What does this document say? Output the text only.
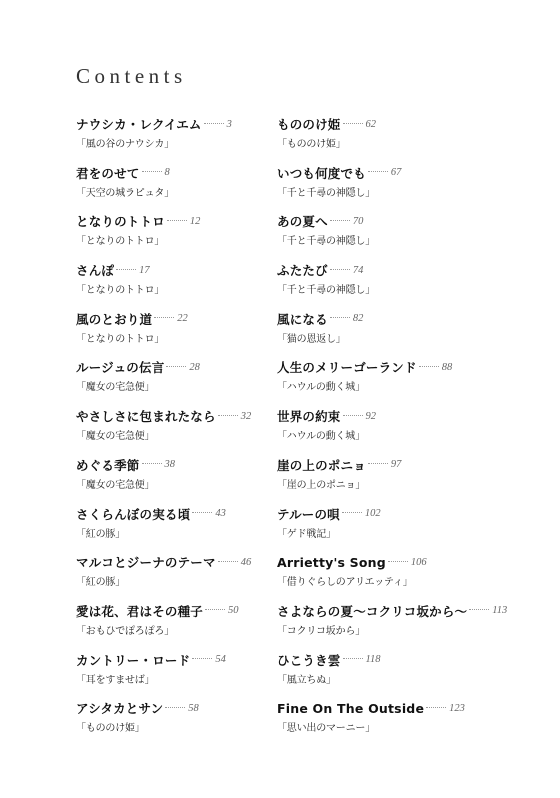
Contents
ナウシカ・レクイエム 3
「風の谷のナウシカ」
君をのせて 8
「天空の城ラピュタ」
となりのトトロ 12
「となりのトトロ」
さんぽ 17
「となりのトトロ」
風のとおり道 22
「となりのトトロ」
ルージュの伝言 28
「魔女の宅急便」
やさしさに包まれたなら 32
「魔女の宅急便」
めぐる季節 38
「魔女の宅急便」
さくらんぼの実る頃 43
「紅の豚」
マルコとジーナのテーマ 46
「紅の豚」
愛は花、君はその種子 50
「おもひでぽろぽろ」
カントリー・ロード 54
「耳をすませば」
アシタカとサン 58
「もののけ姫」
もののけ姫 62
「もののけ姫」
いつも何度でも 67
「千と千尋の神隠し」
あの夏へ 70
「千と千尋の神隠し」
ふたたび 74
「千と千尋の神隠し」
風になる 82
「猫の恩返し」
人生のメリーゴーランド 88
「ハウルの動く城」
世界の約束 92
「ハウルの動く城」
崖の上のポニョ 97
「崖の上のポニョ」
テルーの唄 102
「ゲド戦記」
Arrietty's Song 106
「借りぐらしのアリエッティ」
さよならの夏～コクリコ坂から～ 113
「コクリコ坂から」
ひこうき雲 118
「風立ちぬ」
Fine On The Outside 123
「思い出のマーニー」
